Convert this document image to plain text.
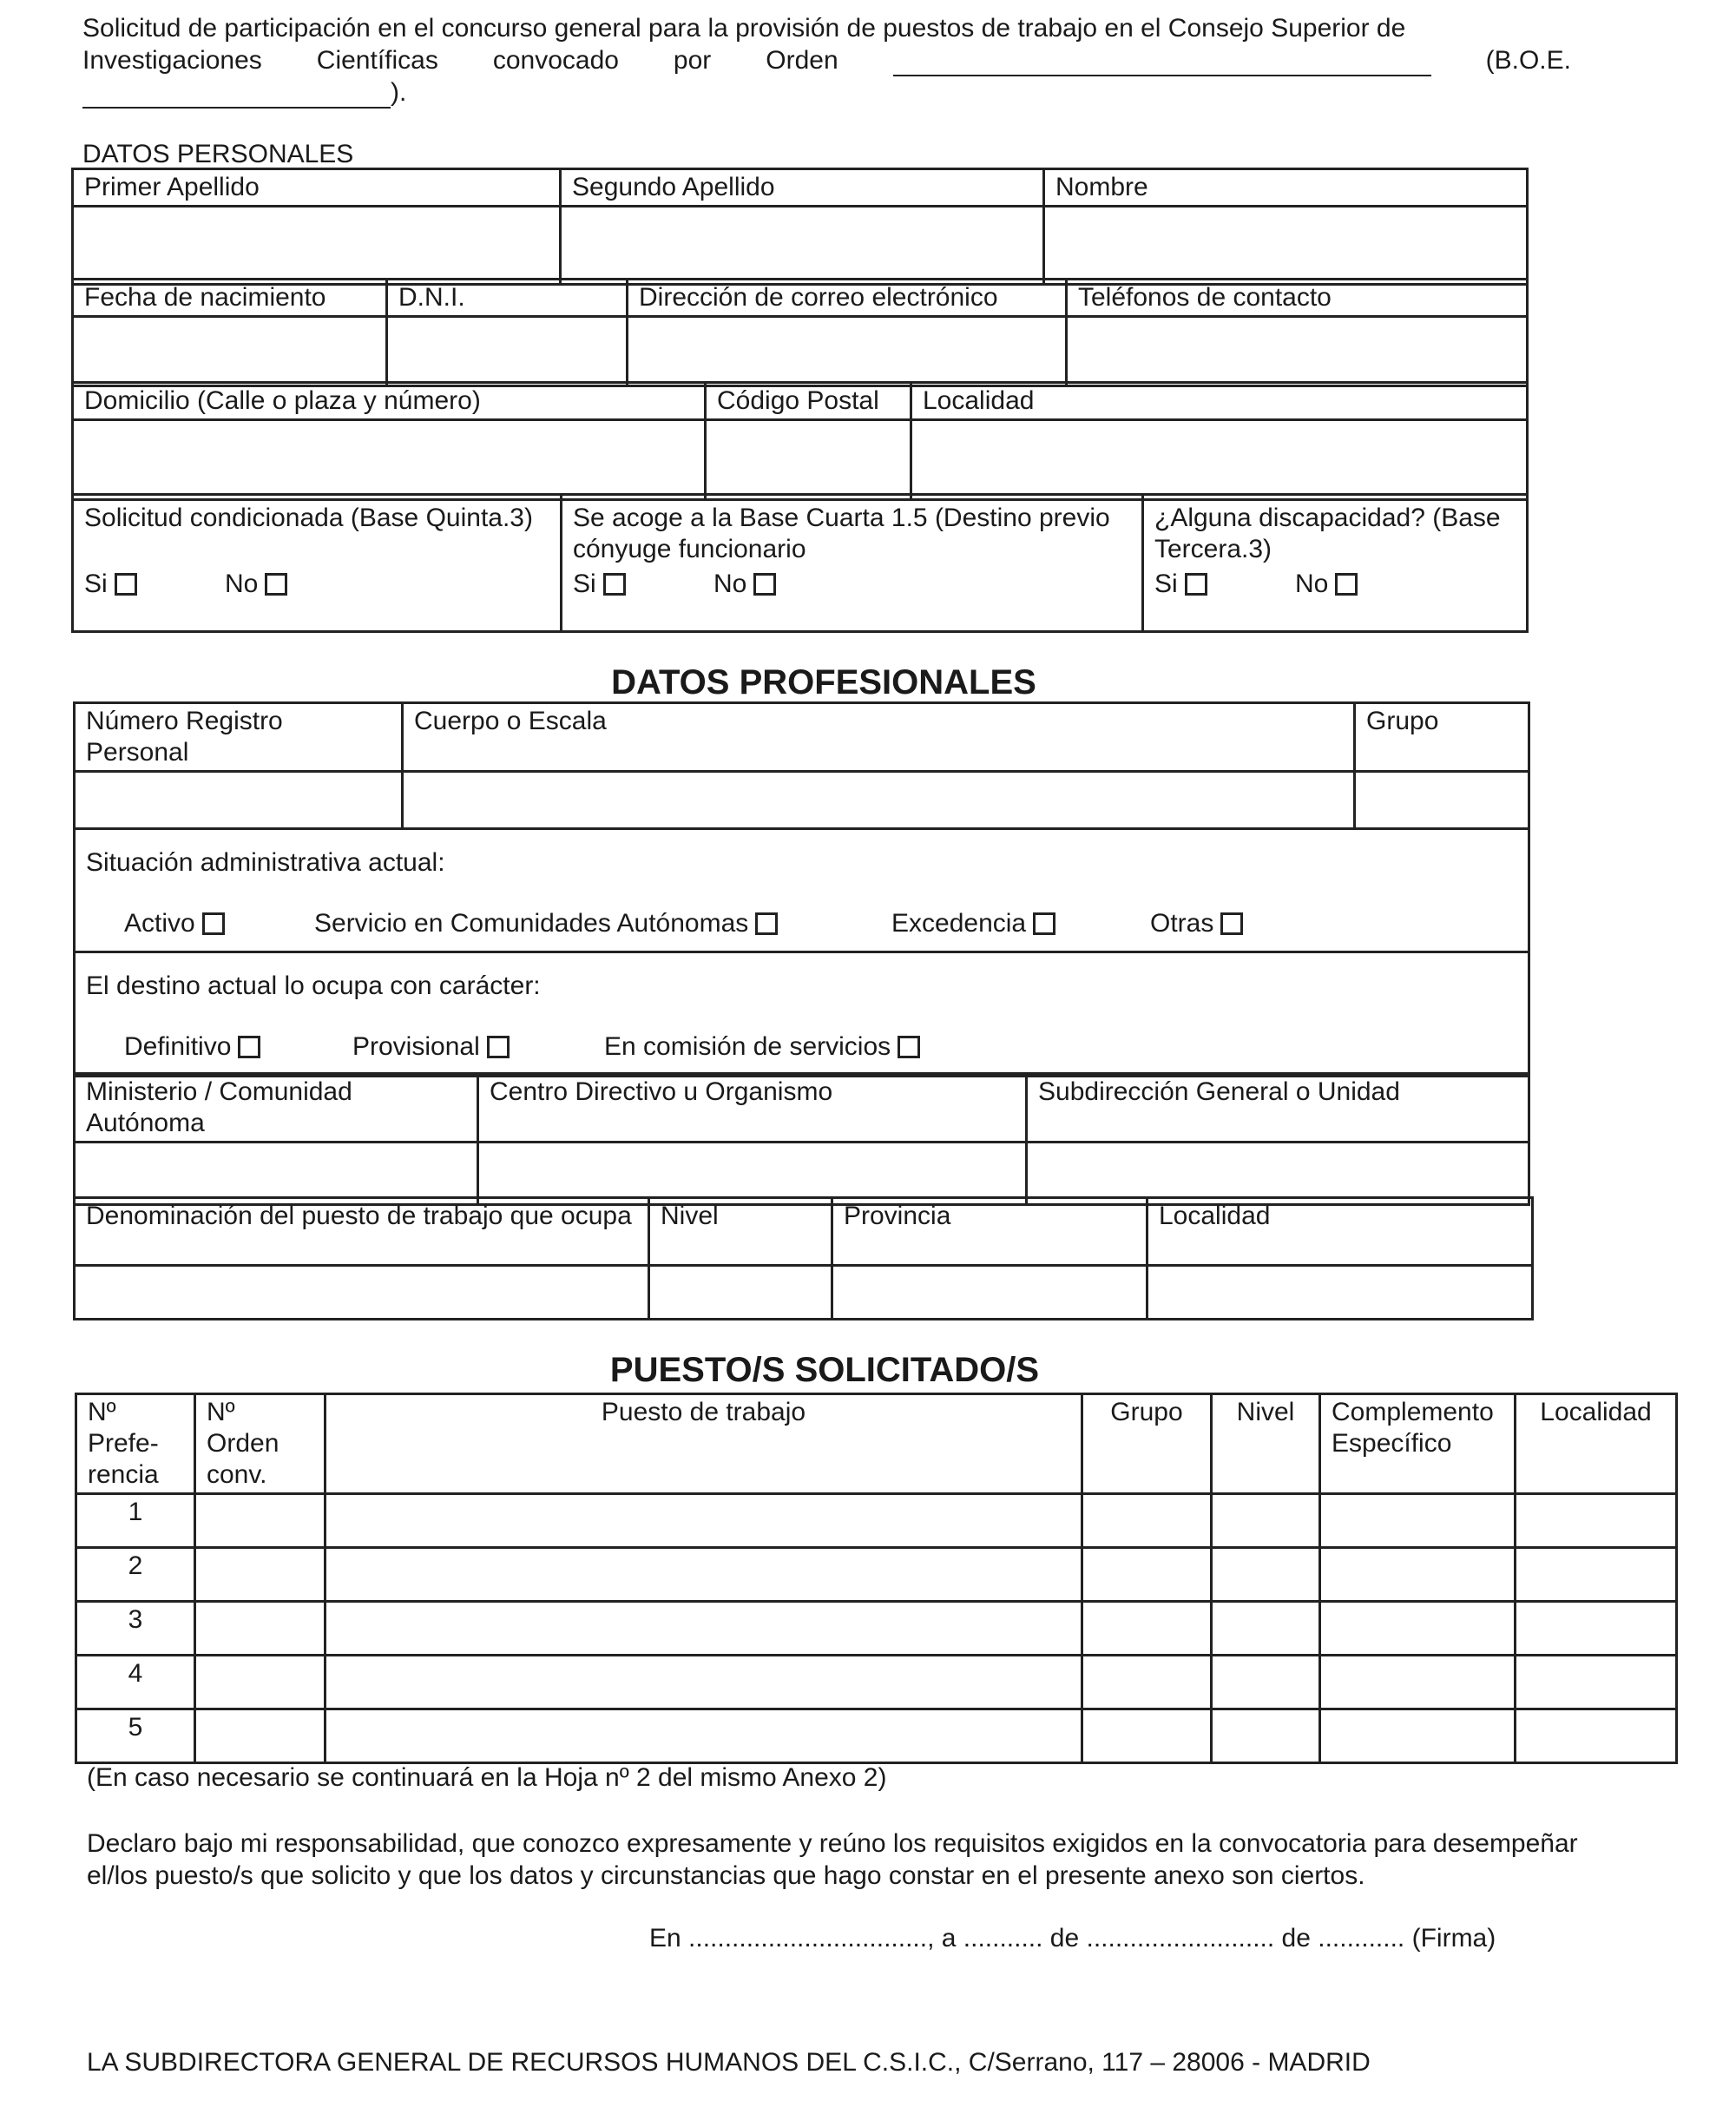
Solicitud de participación en el concurso general para la provisión de puestos de trabajo en el Consejo Superior de
Investigaciones Científicas convocado por Orden	(B.O.E.
).
DATOS PERSONALES
Primer Apellido	Segundo Apellido	Nombre

Fecha de nacimiento	D.N.I.	Dirección de correo electrónico	Teléfonos de contacto

Domicilio (Calle o plaza y número)	Código Postal	Localidad

Solicitud condicionada (Base Quinta.3)
Si	No

Se acoge a la Base Cuarta 1.5 (Destino previo cónyuge funcionario
Si	No

¿Alguna discapacidad? (Base Tercera.3)
Si	No
DATOS PROFESIONALES
Número Registro Personal	Cuerpo o Escala	Grupo

Situación administrativa actual:
Activo Servicio en Comunidades Autónomas Excedencia Otras		

El destino actual lo ocupa con carácter:
Definitivo Provisional En comisión de servicios		
Ministerio / Comunidad Autónoma	Centro Directivo u Organismo	Subdirección General o Unidad

Denominación del puesto de trabajo que ocupa	Nivel	Provincia	Localidad

PUESTO/S SOLICITADO/S
Nº Prefe- rencia	Nº Orden conv.	Puesto de trabajo	Grupo	Nivel	Complemento Específico	Localidad
1						
2						
3						
4						
5						
(En caso necesario se continuará en la Hoja nº 2 del mismo Anexo 2)
Declaro bajo mi responsabilidad, que conozco expresamente y reúno los requisitos exigidos en la convocatoria para desempeñar el/los puesto/s que solicito y que los datos y circunstancias que hago constar en el presente anexo son ciertos.
En ................................., a ........... de .......................... de ............ (Firma)
LA SUBDIRECTORA GENERAL DE RECURSOS HUMANOS DEL C.S.I.C., C/Serrano, 117 – 28006 - MADRID
